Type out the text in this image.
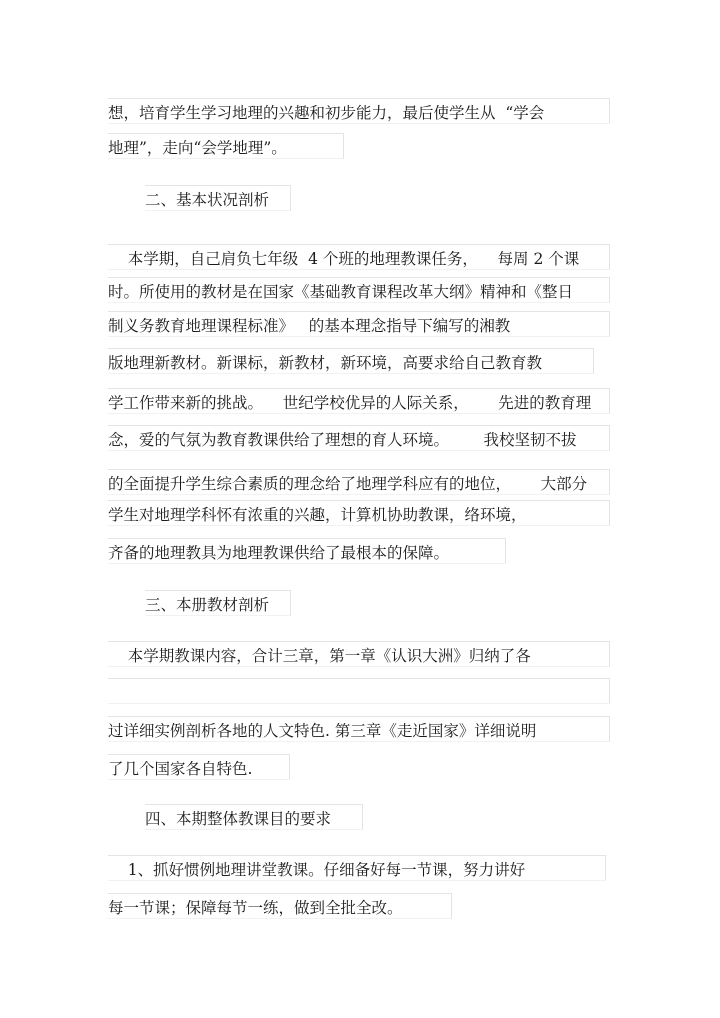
想，培育学生学习地理的兴趣和初步能力，最后使学生从  “学会
地理”，走向“会学地理”。
二、基本状况剖析
本学期，自己肩负七年级  4 个班的地理教课任务，    每周 2 个课
时。所使用的教材是在国家《基础教育课程改革大纲》精神和《整日
制义务教育地理课程标准》   的基本理念指导下编写的湘教
版地理新教材。新课标，新教材，新环境，高要求给自己教育教
学工作带来新的挑战。    世纪学校优异的人际关系，      先进的教育理
念，爱的气氛为教育教课供给了理想的育人环境。       我校坚韧不拔
的全面提升学生综合素质的理念给了地理学科应有的地位，      大部分
学生对地理学科怀有浓重的兴趣，计算机协助教课，络环境，
齐备的地理教具为地理教课供给了最根本的保障。
三、本册教材剖析
本学期教课内容，合计三章，第一章《认识大洲》归纳了各

过详细实例剖析各地的人文特色. 第三章《走近国家》详细说明
了几个国家各自特色.
四、本期整体教课目的要求
1、抓好惯例地理讲堂教课。仔细备好每一节课，努力讲好
每一节课；保障每节一练，做到全批全改。
